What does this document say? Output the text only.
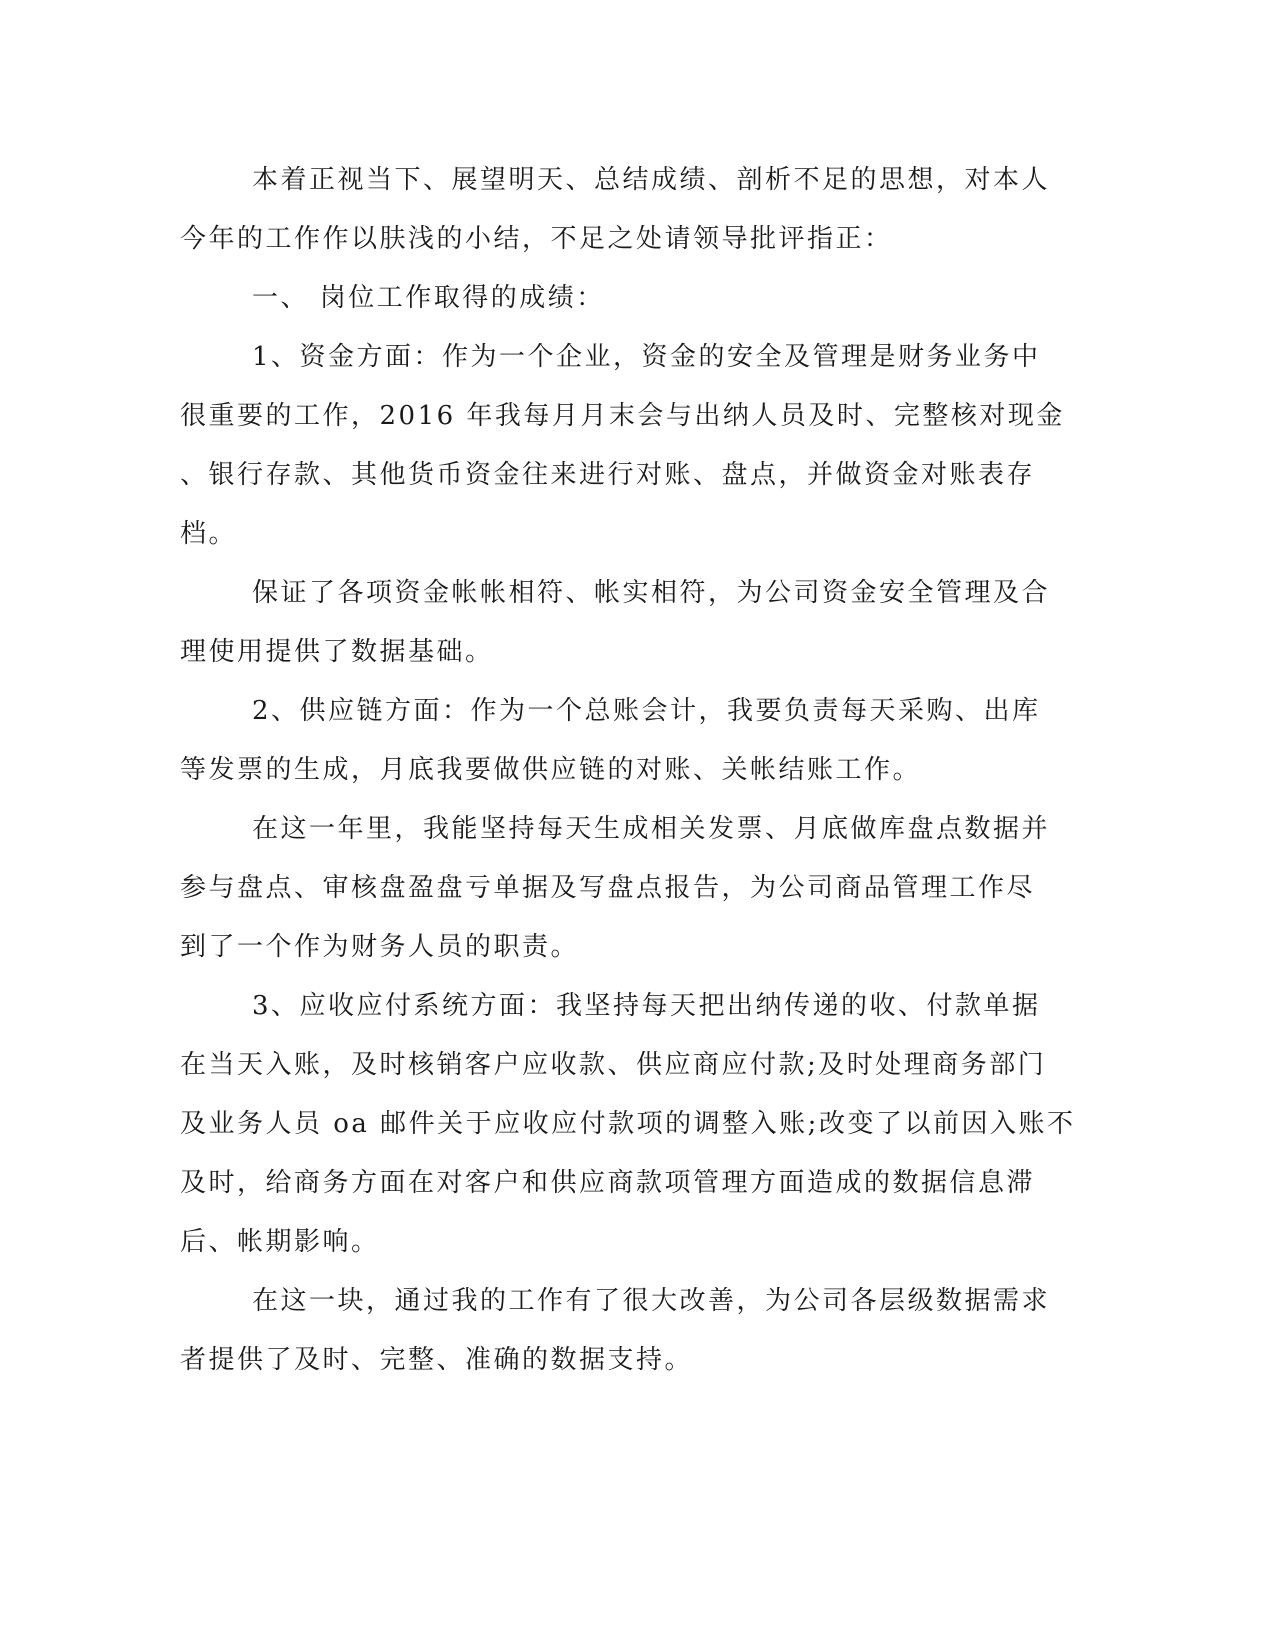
本着正视当下、展望明天、总结成绩、剖析不足的思想，对本人
今年的工作作以肤浅的小结，不足之处请领导批评指正：
一、 岗位工作取得的成绩：
1、资金方面：作为一个企业，资金的安全及管理是财务业务中
很重要的工作，2016 年我每月月末会与出纳人员及时、完整核对现金
、银行存款、其他货币资金往来进行对账、盘点，并做资金对账表存
档。
保证了各项资金帐帐相符、帐实相符，为公司资金安全管理及合
理使用提供了数据基础。
2、供应链方面：作为一个总账会计，我要负责每天采购、出库
等发票的生成，月底我要做供应链的对账、关帐结账工作。
在这一年里，我能坚持每天生成相关发票、月底做库盘点数据并
参与盘点、审核盘盈盘亏单据及写盘点报告，为公司商品管理工作尽
到了一个作为财务人员的职责。
3、应收应付系统方面：我坚持每天把出纳传递的收、付款单据
在当天入账，及时核销客户应收款、供应商应付款;及时处理商务部门
及业务人员 oa 邮件关于应收应付款项的调整入账;改变了以前因入账不
及时，给商务方面在对客户和供应商款项管理方面造成的数据信息滞
后、帐期影响。
在这一块，通过我的工作有了很大改善，为公司各层级数据需求
者提供了及时、完整、准确的数据支持。
